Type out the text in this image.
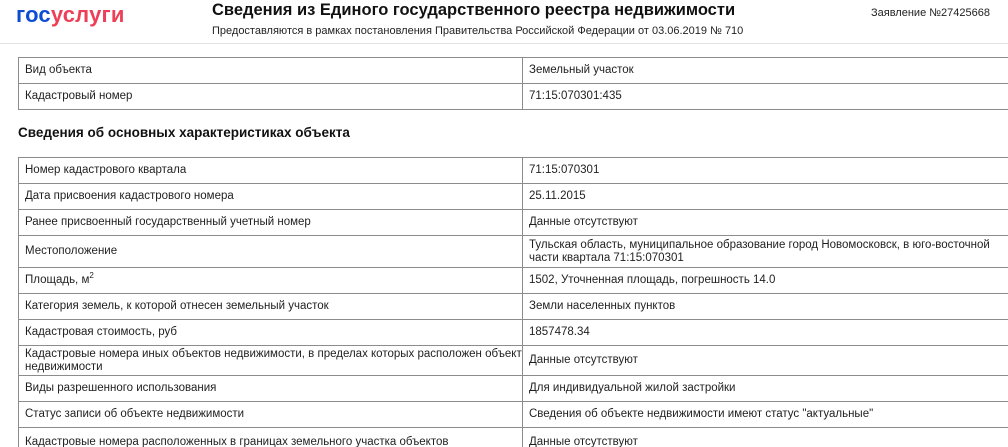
госуслуги	Сведения из Единого государственного реестра недвижимости
Предоставляются в рамках постановления Правительства Российской Федерации от 03.06.2019 № 710
Заявление №27425668
Вид объекта	Земельный участок
Кадастровый номер	71:15:070301:435
Сведения об основных характеристиках объекта
Номер кадастрового квартала	71:15:070301
Дата присвоения кадастрового номера	25.11.2015
Ранее присвоенный государственный учетный номер	Данные отсутствуют
Местоположение	Тульская область, муниципальное образование город Новомосковск, в юго-восточной части квартала 71:15:070301
Площадь, $м^2$	1502, Уточненная площадь, погрешность 14.0
Категория земель, к которой отнесен земельный участок	Земли населенных пунктов
Кадастровая стоимость, руб	1857478.34
Кадастровые номера иных объектов недвижимости, в пределах которых расположен объект недвижимости	Данные отсутствуют
Виды разрешенного использования	Для индивидуальной жилой застройки
Статус записи об объекте недвижимости	Сведения об объекте недвижимости имеют статус "актуальные"
Кадастровые номера расположенных в границах земельного участка объектов	Данные отсутствуют
